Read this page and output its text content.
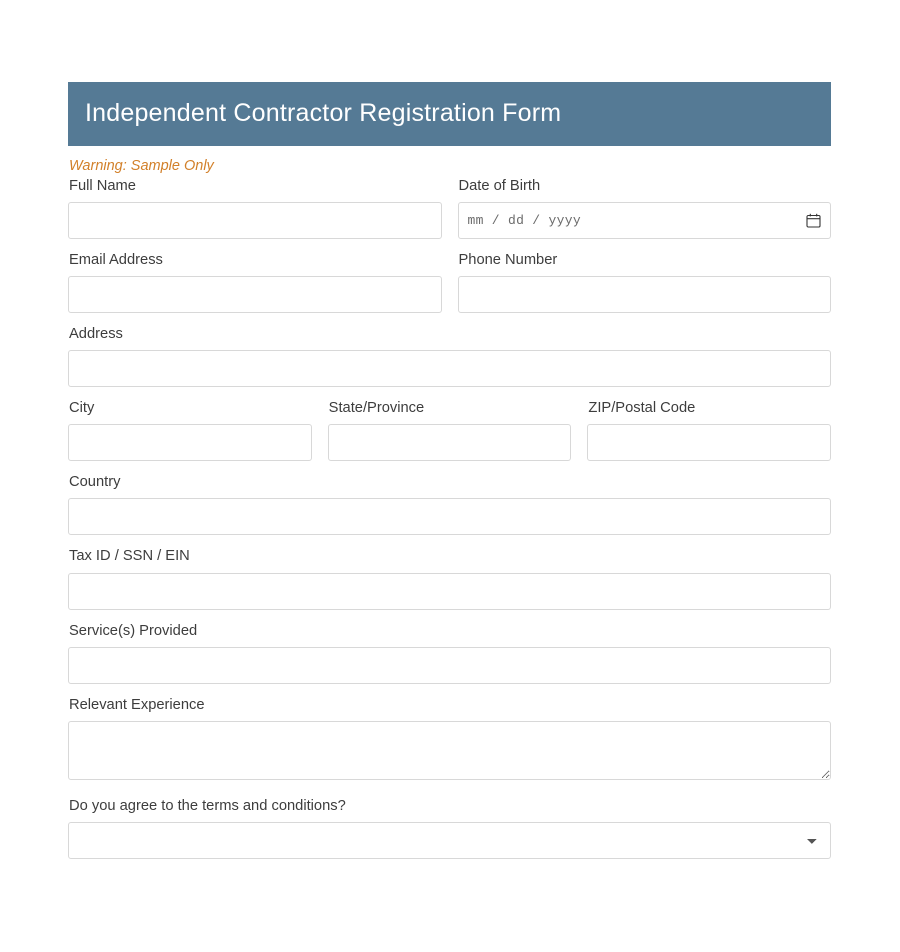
Independent Contractor Registration Form
Warning: Sample Only
Full Name	Date of Birth
mm / dd / yyyy
Email Address	Phone Number
Address
City	State/Province	ZIP/Postal Code
Country
Tax ID / SSN / EIN
Service(s) Provided
Relevant Experience
Do you agree to the terms and conditions?
